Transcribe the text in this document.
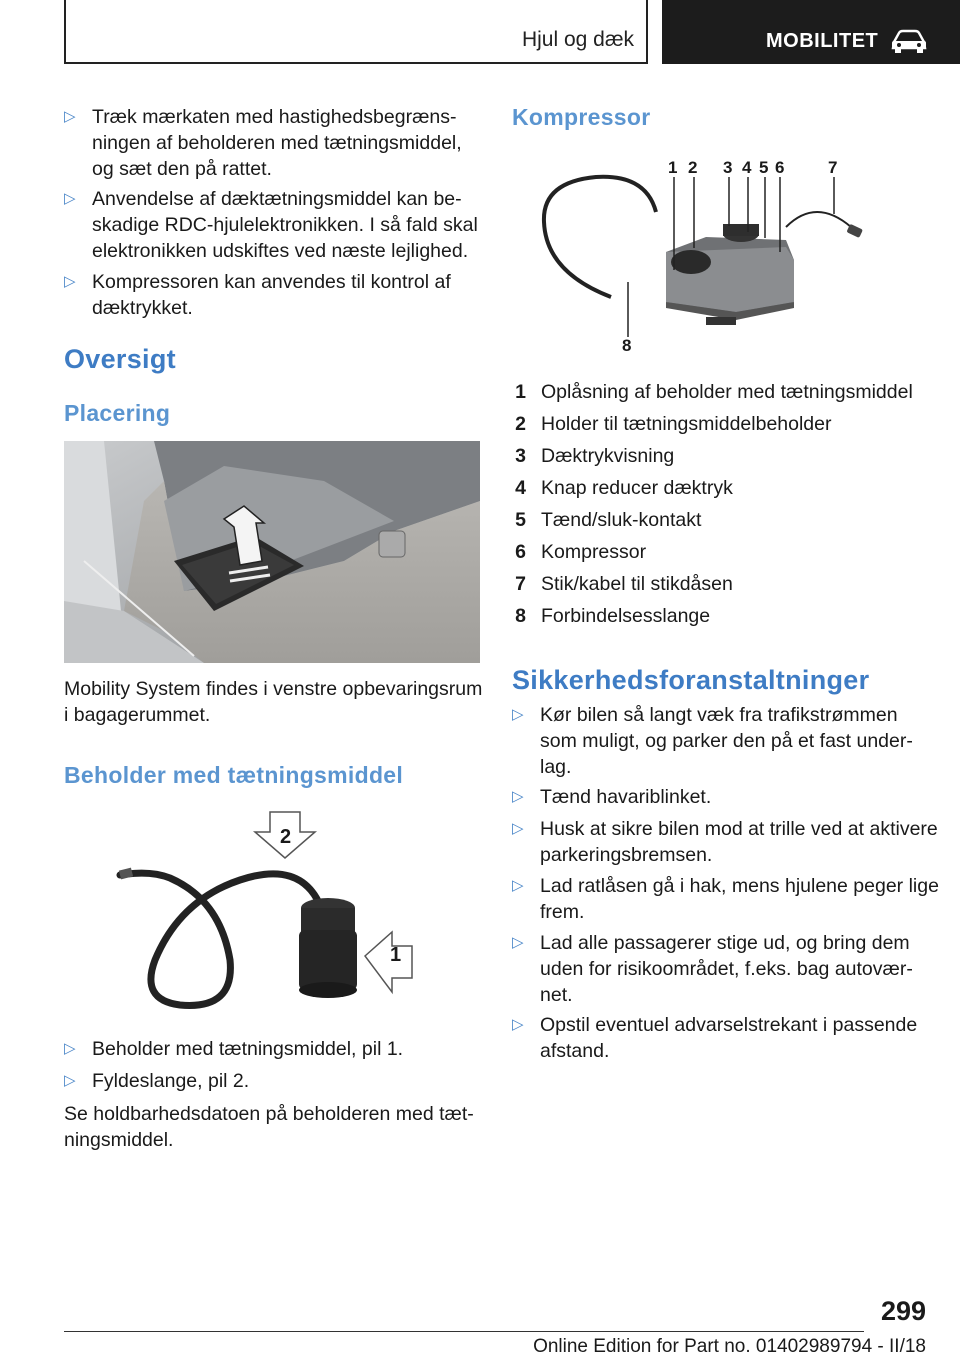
Hjul og dæk	MOBILITET
▷ Træk mærkaten med hastighedsbegræns‐
ningen af beholderen med tætningsmiddel,
og sæt den på rattet.
▷ Anvendelse af dæktætningsmiddel kan be‐
skadige RDC-hjulelektronikken. I så fald skal
elektronikken udskiftes ved næste lejlighed.
▷ Kompressoren kan anvendes til kontrol af
dæktrykket.
Oversigt
Placering
Mobility System findes i venstre opbevaringsrum
i bagagerummet.
Beholder med tætningsmiddel
2
1
▷ Beholder med tætningsmiddel, pil 1.
▷ Fyldeslange, pil 2.
Se holdbarhedsdatoen på beholderen med tæt‐
ningsmiddel.
Kompressor
1 2 3 4 5 6	7
8
1 Oplåsning af beholder med tætningsmiddel
2 Holder til tætningsmiddelbeholder
3 Dæktrykvisning
4 Knap reducer dæktryk
5 Tænd/sluk-kontakt
6 Kompressor
7 Stik/kabel til stikdåsen
8 Forbindelsesslange
Sikkerhedsforanstaltninger
▷ Kør bilen så langt væk fra trafikstrømmen
som muligt, og parker den på et fast under‐
lag.
▷ Tænd havariblinket.
▷ Husk at sikre bilen mod at trille ved at aktivere
parkeringsbremsen.
▷ Lad ratlåsen gå i hak, mens hjulene peger lige
frem.
▷ Lad alle passagerer stige ud, og bring dem
uden for risikoområdet, f.eks. bag autovær‐
net.
▷ Opstil eventuel advarselstrekant i passende
afstand.
299
Online Edition for Part no. 01402989794 - II/18
